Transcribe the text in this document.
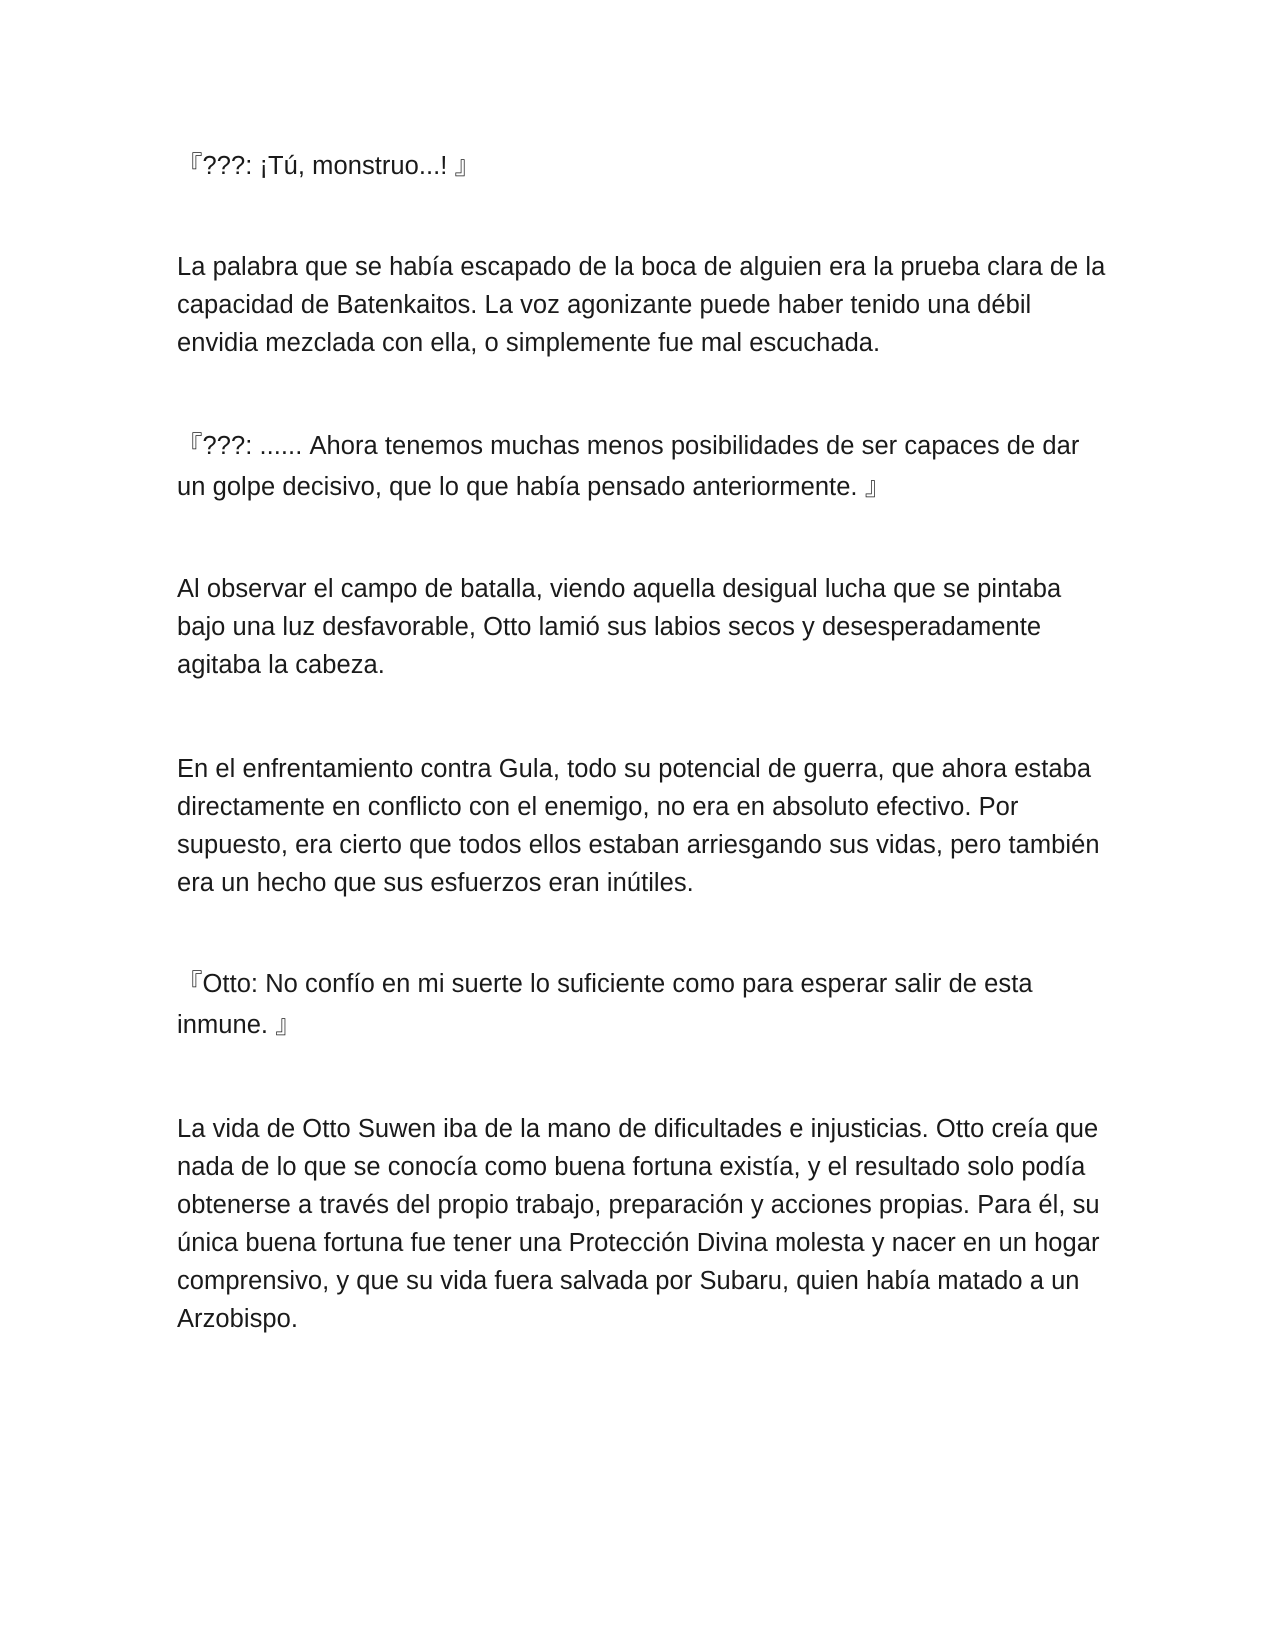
『???: ¡Tú, monstruo...! 』

La palabra que se había escapado de la boca de alguien era la prueba clara de la capacidad de Batenkaitos. La voz agonizante puede haber tenido una débil envidia mezclada con ella, o simplemente fue mal escuchada.

『???: ...... Ahora tenemos muchas menos posibilidades de ser capaces de dar un golpe decisivo, que lo que había pensado anteriormente. 』

Al observar el campo de batalla, viendo aquella desigual lucha que se pintaba bajo una luz desfavorable, Otto lamió sus labios secos y desesperadamente agitaba la cabeza.

En el enfrentamiento contra Gula, todo su potencial de guerra, que ahora estaba directamente en conflicto con el enemigo, no era en absoluto efectivo. Por supuesto, era cierto que todos ellos estaban arriesgando sus vidas, pero también era un hecho que sus esfuerzos eran inútiles.

『Otto: No confío en mi suerte lo suficiente como para esperar salir de esta inmune. 』

La vida de Otto Suwen iba de la mano de dificultades e injusticias. Otto creía que nada de lo que se conocía como buena fortuna existía, y el resultado solo podía obtenerse a través del propio trabajo, preparación y acciones propias. Para él, su única buena fortuna fue tener una Protección Divina molesta y nacer en un hogar comprensivo, y que su vida fuera salvada por Subaru, quien había matado a un Arzobispo.
